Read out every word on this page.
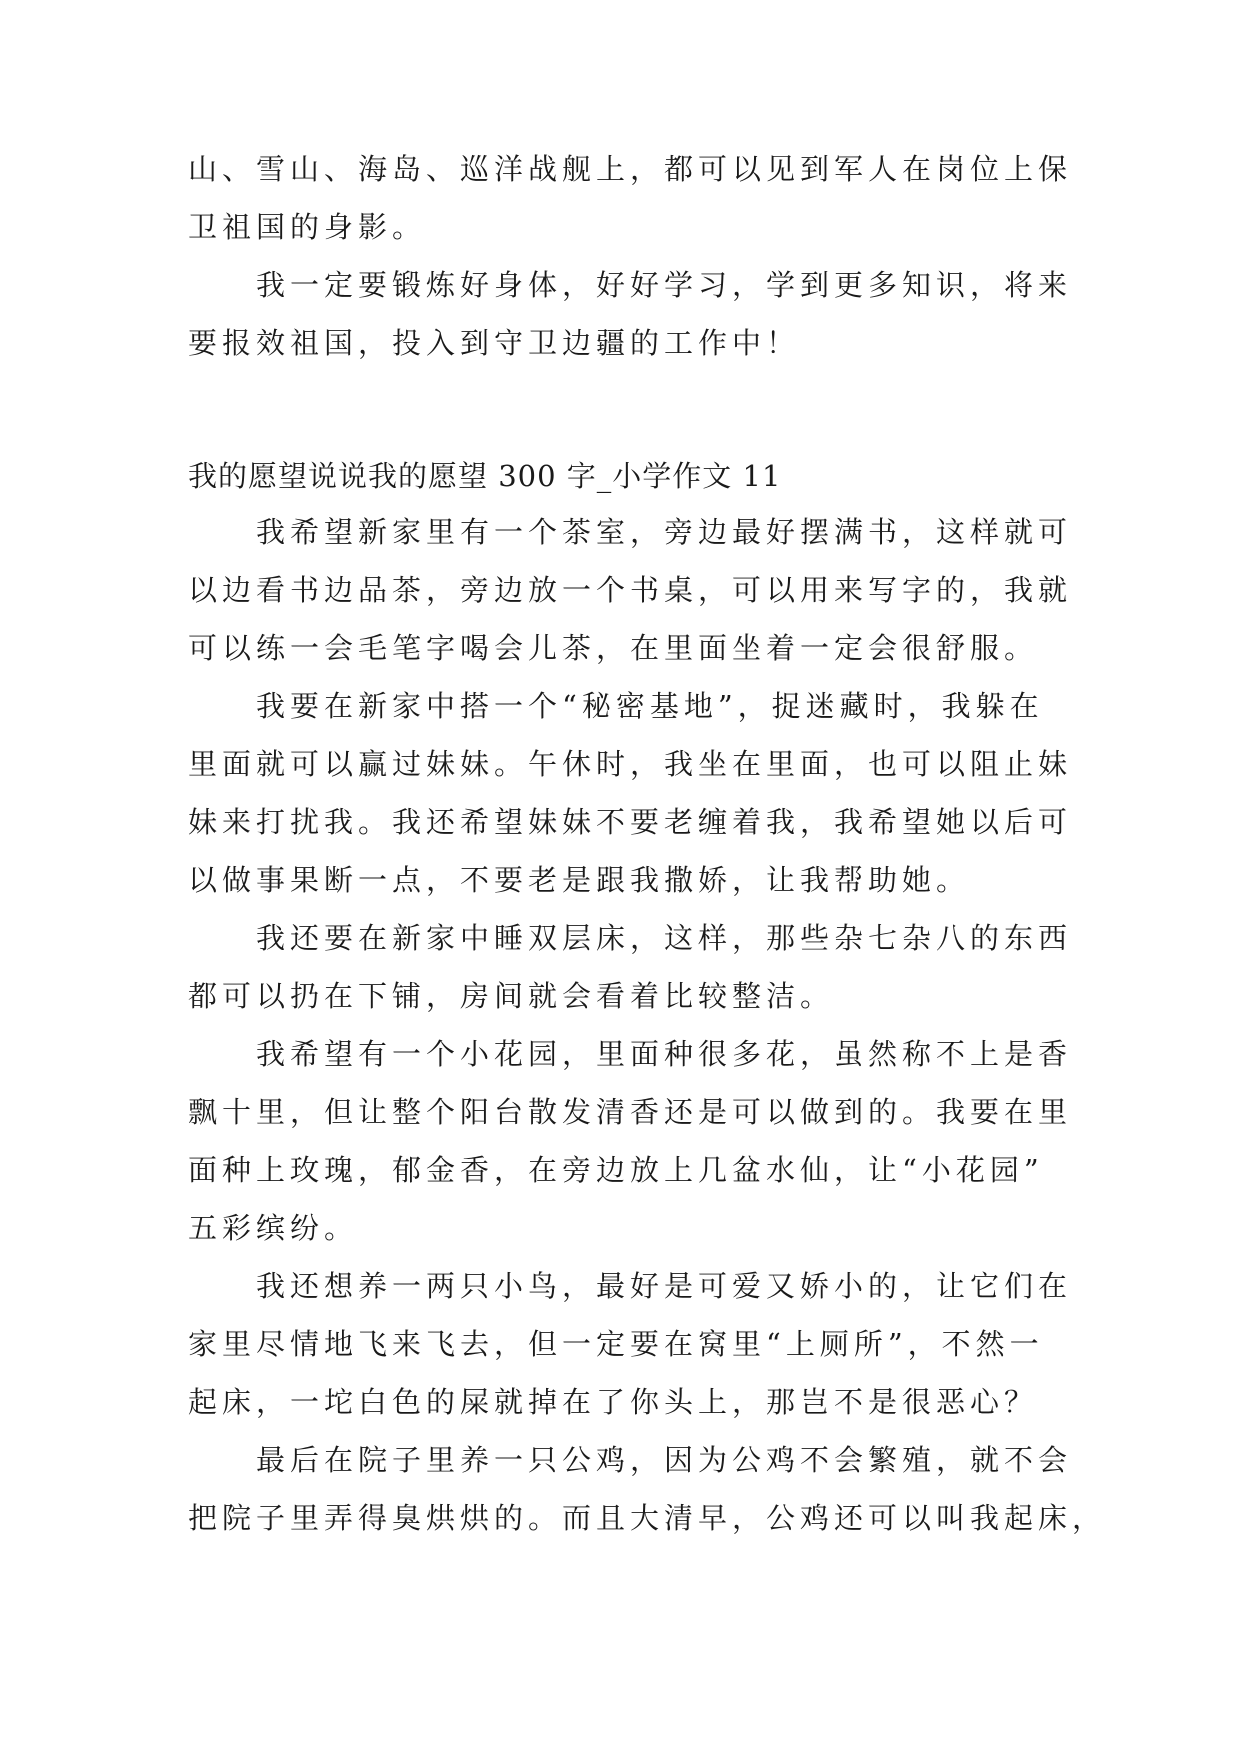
山、雪山、海岛、巡洋战舰上，都可以见到军人在岗位上保
卫祖国的身影。
我一定要锻炼好身体，好好学习，学到更多知识，将来
要报效祖国，投入到守卫边疆的工作中！
我的愿望说说我的愿望 300 字_小学作文 11
我希望新家里有一个茶室，旁边最好摆满书，这样就可
以边看书边品茶，旁边放一个书桌，可以用来写字的，我就
可以练一会毛笔字喝会儿茶，在里面坐着一定会很舒服。
我要在新家中搭一个“秘密基地”，捉迷藏时，我躲在
里面就可以赢过妹妹。午休时，我坐在里面，也可以阻止妹
妹来打扰我。我还希望妹妹不要老缠着我，我希望她以后可
以做事果断一点，不要老是跟我撒娇，让我帮助她。
我还要在新家中睡双层床，这样，那些杂七杂八的东西
都可以扔在下铺，房间就会看着比较整洁。
我希望有一个小花园，里面种很多花，虽然称不上是香
飘十里，但让整个阳台散发清香还是可以做到的。我要在里
面种上玫瑰，郁金香，在旁边放上几盆水仙，让“小花园”
五彩缤纷。
我还想养一两只小鸟，最好是可爱又娇小的，让它们在
家里尽情地飞来飞去，但一定要在窝里“上厕所”，不然一
起床，一坨白色的屎就掉在了你头上，那岂不是很恶心？
最后在院子里养一只公鸡，因为公鸡不会繁殖，就不会
把院子里弄得臭烘烘的。而且大清早，公鸡还可以叫我起床，
